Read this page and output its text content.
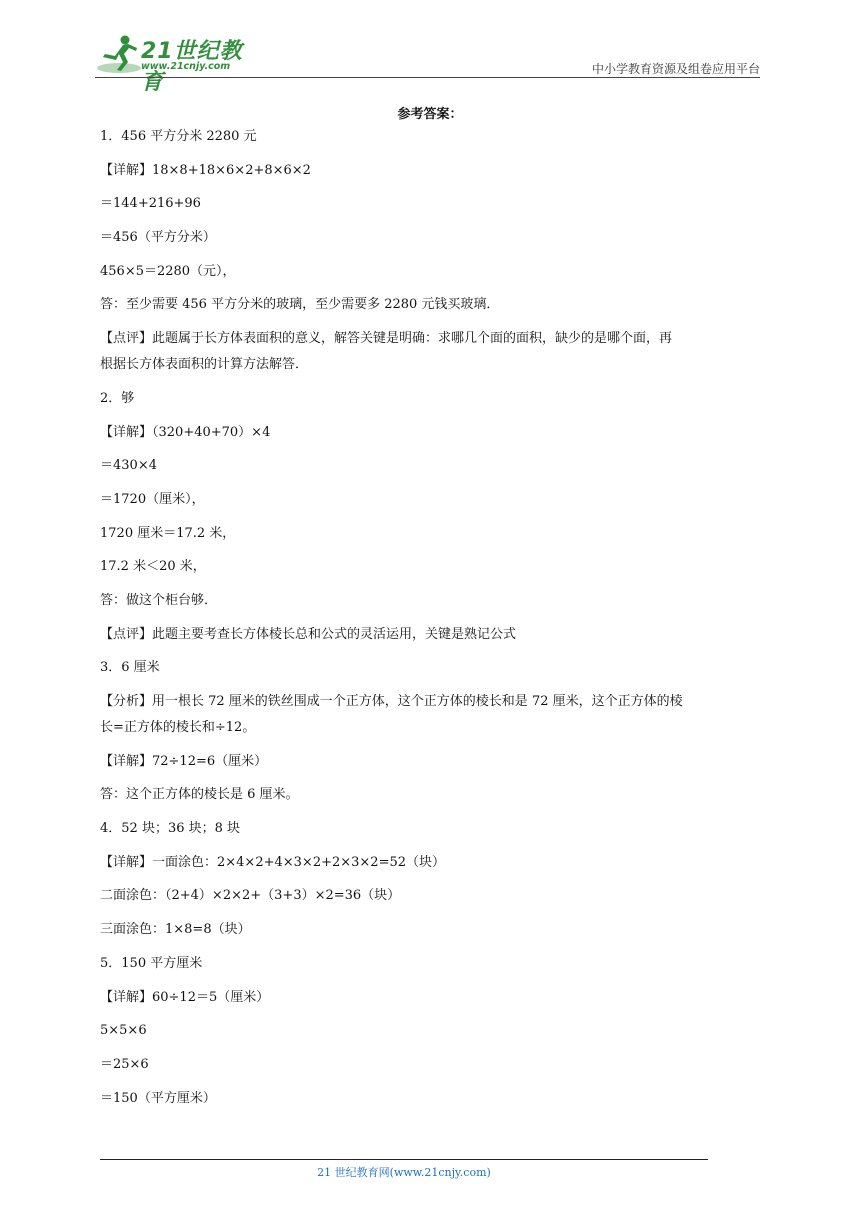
21世纪教育
www.21cnjy.com	中小学教育资源及组卷应用平台
参考答案：
1．456 平方分米 2280 元
【详解】18×8+18×6×2+8×6×2
＝144+216+96
＝456（平方分米）
456×5＝2280（元），
答：至少需要 456 平方分米的玻璃，至少需要多 2280 元钱买玻璃．
【点评】此题属于长方体表面积的意义，解答关键是明确：求哪几个面的面积，缺少的是哪个面，再
根据长方体表面积的计算方法解答．
2．够
【详解】（320+40+70）×4
＝430×4
＝1720（厘米），
1720 厘米＝17.2 米，
17.2 米＜20 米，
答：做这个柜台够．
【点评】此题主要考查长方体棱长总和公式的灵活运用，关键是熟记公式
3．6 厘米
【分析】用一根长 72 厘米的铁丝围成一个正方体，这个正方体的棱长和是 72 厘米，这个正方体的棱
长=正方体的棱长和÷12。
【详解】72÷12=6（厘米）
答：这个正方体的棱长是 6 厘米。
4．52 块；36 块；8 块
【详解】一面涂色：2×4×2+4×3×2+2×3×2=52（块）
二面涂色：（2+4）×2×2+（3+3）×2=36（块）
三面涂色：1×8=8（块）
5．150 平方厘米
【详解】60÷12＝5（厘米）
5×5×6
＝25×6
＝150（平方厘米）
21 世纪教育网(www.21cnjy.com)
